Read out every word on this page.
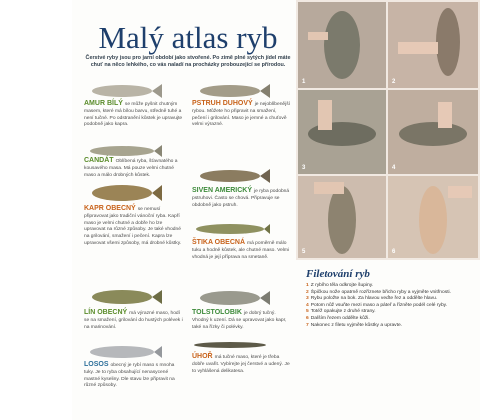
Malý atlas ryb
Čerstvé ryby jsou pro jarní období jako stvořené. Po zimě plné sytých jídel máte chuť na něco lehkého, co vás naladí na procházky probouzející se přírodou.
AMUR BÍLÝ se může pyšnit chutným masem, které má bílou barvu, středně tuhé a není tučné. Po odstranění kůstek je upravujte podobně jako kapra.
CANDÁT Oblíbená ryba, šťavnatého a kousavého masa. Má pouze velmi chutné maso a málo drobných kůstek.
KAPR OBECNÝ se nemusí připravovat jako tradiční vánoční ryba. Kapří maso je velmi chutné a dobře ho lze upravovat na různé způsoby. Je také vhodné na grilování, smažení i pečení. Kapra lze upravovat všemi způsoby, má drobné kůstky.
LÍN OBECNÝ má výrazné maso, hodí se na smažení, grilování do hustých polévek i na marinování.
LOSOS obecný je rybí maso s mnoha tuky. Je to ryba obsahující nenasycené mastné kyseliny. Dle stavu lze připravit na různé způsoby.
PSTRUH DUHOVÝ je nejoblíbenější rybou. Můžete ho připravit na smažení, pečení i grilování. Maso je jemné a chuťově velmi výrazné.
SIVEN AMERICKÝ je ryba podobná pstruhovi. Často se chová. Připravuje se obdobně jako pstruh.
ŠTIKA OBECNÁ má poměrně málo tuku a hodně kůstek, ale chutné maso. Velmi vhodná je její příprava na smetaně.
TOLSTOLOBIK je dobrý tučný. Vhodný k uzení. Dá se upravovat jako kapr, také na řízky či polévky.
ÚHOŘ má tučné maso, které je třeba dobře uvařit. Vybírejte jej čerstvé a udený. Je to vyhlášená delikatesa.
1	2
3	4
5	6
Filetování ryb
1 Z rybího těla odkrojte šupiny.
2 Špičkou nože opatrně rozříznete břicho ryby a vyjměte vnitřnosti.
3 Rybu položte na bok. Za hlavou veďte řez a oddělte hlavu.
4 Potom nůž vsuňte mezi maso a páteř a řízněte podél celé ryby.
5 Totéž opakujte z druhé strany.
6 Dalším řezem oddělte kůži.
7 Nakonec z filetu vyjměte kůstky a upravte.
